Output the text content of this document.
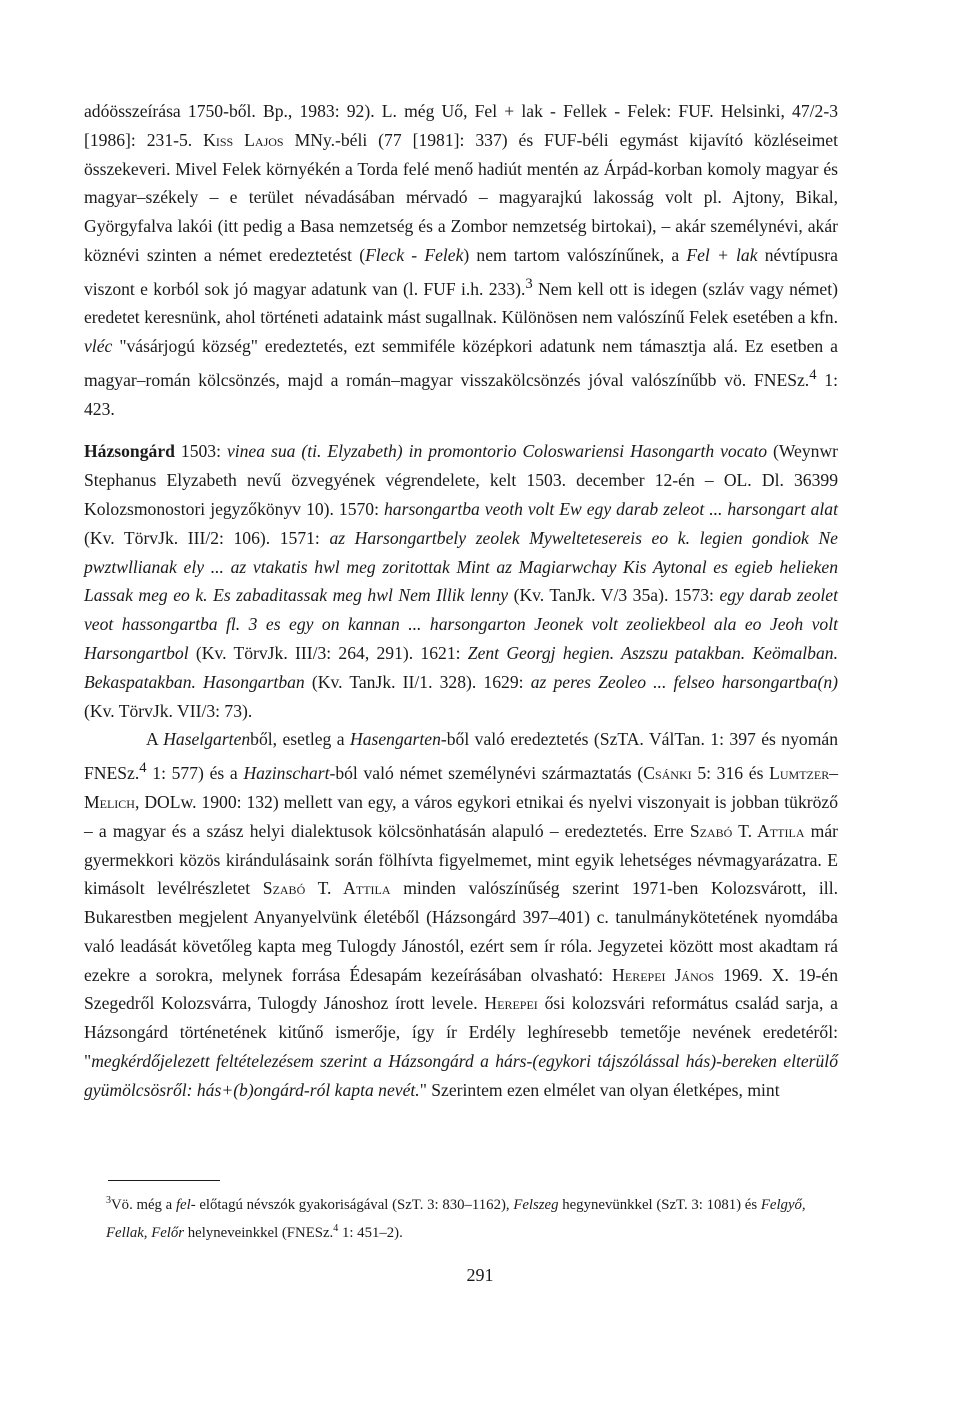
adóösszeírása 1750-ből. Bp., 1983: 92). L. még Uő, Fel + lak - Fellek - Felek: FUF. Helsinki, 47/2-3 [1986]: 231-5. Kiss Lajos MNy.-béli (77 [1981]: 337) és FUF-béli egymást kijavító közléseimet összekeveri. Mivel Felek környékén a Torda felé menő hadiút mentén az Árpád-korban komoly magyar és magyar–székely – e terület névadásában mérvadó – magyarajkú lakosság volt pl. Ajtony, Bikal, Györgyfalva lakói (itt pedig a Basa nemzetség és a Zombor nemzetség birtokai), – akár személynévi, akár köznévi szinten a német eredeztetést (Fleck - Felek) nem tartom valószínűnek, a Fel + lak névtípusra viszont e korból sok jó magyar adatunk van (l. FUF i.h. 233).$^3$ Nem kell ott is idegen (szláv vagy német) eredetet keresnünk, ahol történeti adataink mást sugallnak. Különösen nem valószínű Felek esetében a kfn. vléc "vásárjogú község" eredeztetés, ezt semmiféle középkori adatunk nem támasztja alá. Ez esetben a magyar–román kölcsönzés, majd a román–magyar visszakölcsönzés jóval valószínűbb vö. FNESz.$^4$ 1: 423.

Házsongárd 1503: vinea sua (ti. Elyzabeth) in promontorio Coloswariensi Hasongarth vocato (Weynwr Stephanus Elyzabeth nevű özvegyének végrendelete, kelt 1503. december 12-én – OL. Dl. 36399 Kolozsmonostori jegyzőkönyv 10). 1570: harsongartba veoth volt Ew egy darab zeleot ... harsongart alat (Kv. TörvJk. III/2: 106). 1571: az Harsongartbely zeolek Myweltetesereis eo k. legien gondiok Ne pwztwllianak ely ... az vtakatis hwl meg zoritottak Mint az Magiarwchay Kis Aytonal es egieb helieken Lassak meg eo k. Es zabaditassak meg hwl Nem Illik lenny (Kv. TanJk. V/3 35a). 1573: egy darab zeolet veot hassongartba fl. 3 es egy on kannan ... harsongarton Jeonek volt zeoliekbeol ala eo Jeoh volt Harsongartbol (Kv. TörvJk. III/3: 264, 291). 1621: Zent Georgj hegien. Aszszu patakban. Keömalban. Bekaspatakban. Hasongartban (Kv. TanJk. II/1. 328). 1629: az peres Zeoleo ... felseo harsongartba(n) (Kv. TörvJk. VII/3: 73).

A Haselgartenből, esetleg a Hasengarten-ből való eredeztetés (SzTA. VálTan. 1: 397 és nyomán FNESz.$^4$ 1: 577) és a Hazinschart-ból való német személynévi származtatás (Csánki 5: 316 és Lumtzer–Melich, DOLw. 1900: 132) mellett van egy, a város egykori etnikai és nyelvi viszonyait is jobban tükröző – a magyar és a szász helyi dialektusok kölcsönhatásán alapuló – eredeztetés. Erre Szabó T. Attila már gyermekkori közös kirándulásaink során fölhívta figyelmemet, mint egyik lehetséges névmagyarázatra. E kimásolt levélrészletet Szabó T. Attila minden valószínűség szerint 1971-ben Kolozsvárott, ill. Bukarestben megjelent Anyanyelvünk életéből (Házsongárd 397–401) c. tanulmánykötetének nyomdába való leadását követőleg kapta meg Tulogdy Jánostól, ezért sem ír róla. Jegyzetei között most akadtam rá ezekre a sorokra, melynek forrása Édesapám kezeírásában olvasható: Herepei János 1969. X. 19-én Szegedről Kolozsvárra, Tulogdy Jánoshoz írott levele. Herepei ősi kolozsvári református család sarja, a Házsongárd történetének kitűnő ismerője, így ír Erdély leghíresebb temetője nevének eredetéről: "megkérdőjelezett feltételezésem szerint a Házsongárd a hárs-(egykori tájszólással hás)-bereken elterülő gyümölcsösről: hás+(b)ongárd-ról kapta nevét." Szerintem ezen elmélet van olyan életképes, mint

$^3$Vö. még a fel- előtagú névszók gyakoriságával (SzT. 3: 830–1162), Felszeg hegynevünkkel (SzT. 3: 1081) és Felgyő, Fellak, Felőr helyneveinkkel (FNESz.$^4$ 1: 451–2).
291
